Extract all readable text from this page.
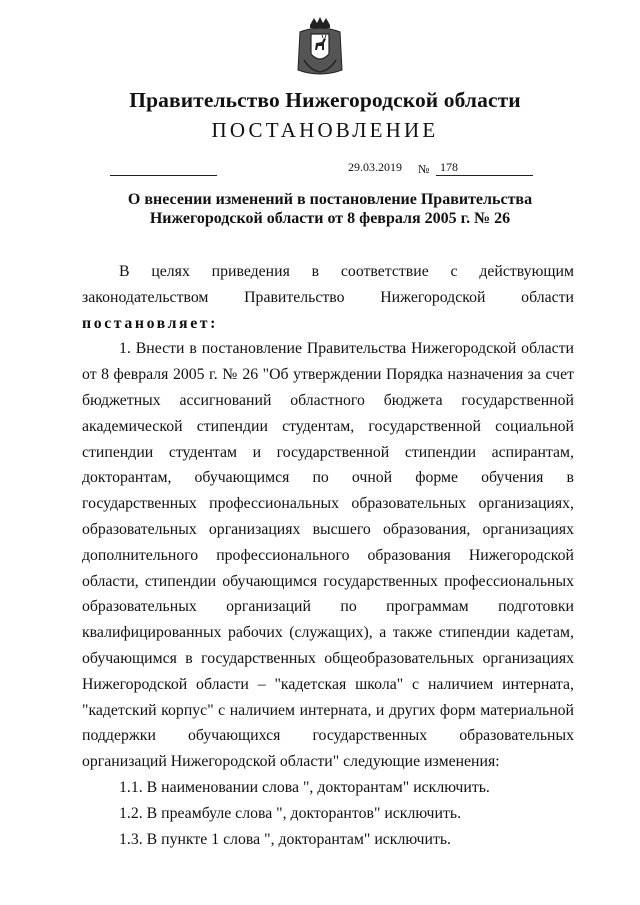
Правительство Нижегородской области
ПОСТАНОВЛЕНИЕ
29.03.2019 № 178
О внесении изменений в постановление Правительства
Нижегородской области от 8 февраля 2005 г. № 26

В целях приведения в соответствие с действующим законодательством Правительство Нижегородской области постановляет:

1. Внести в постановление Правительства Нижегородской области от 8 февраля 2005 г. № 26 "Об утверждении Порядка назначения за счет бюджетных ассигнований областного бюджета государственной академической стипендии студентам, государственной социальной стипендии студентам и государственной стипендии аспирантам, докторантам, обучающимся по очной форме обучения в государственных профессиональных образовательных организациях, образовательных организациях высшего образования, организациях дополнительного профессионального образования Нижегородской области, стипендии обучающимся государственных профессиональных образовательных организаций по программам подготовки квалифицированных рабочих (служащих), а также стипендии кадетам, обучающимся в государственных общеобразовательных организациях Нижегородской области – "кадетская школа" с наличием интерната, "кадетский корпус" с наличием интерната, и других форм материальной поддержки обучающихся государственных образовательных организаций Нижегородской области" следующие изменения:

1.1. В наименовании слова ", докторантам" исключить.

1.2. В преамбуле слова ", докторантов" исключить.

1.3. В пункте 1 слова ", докторантам" исключить.
